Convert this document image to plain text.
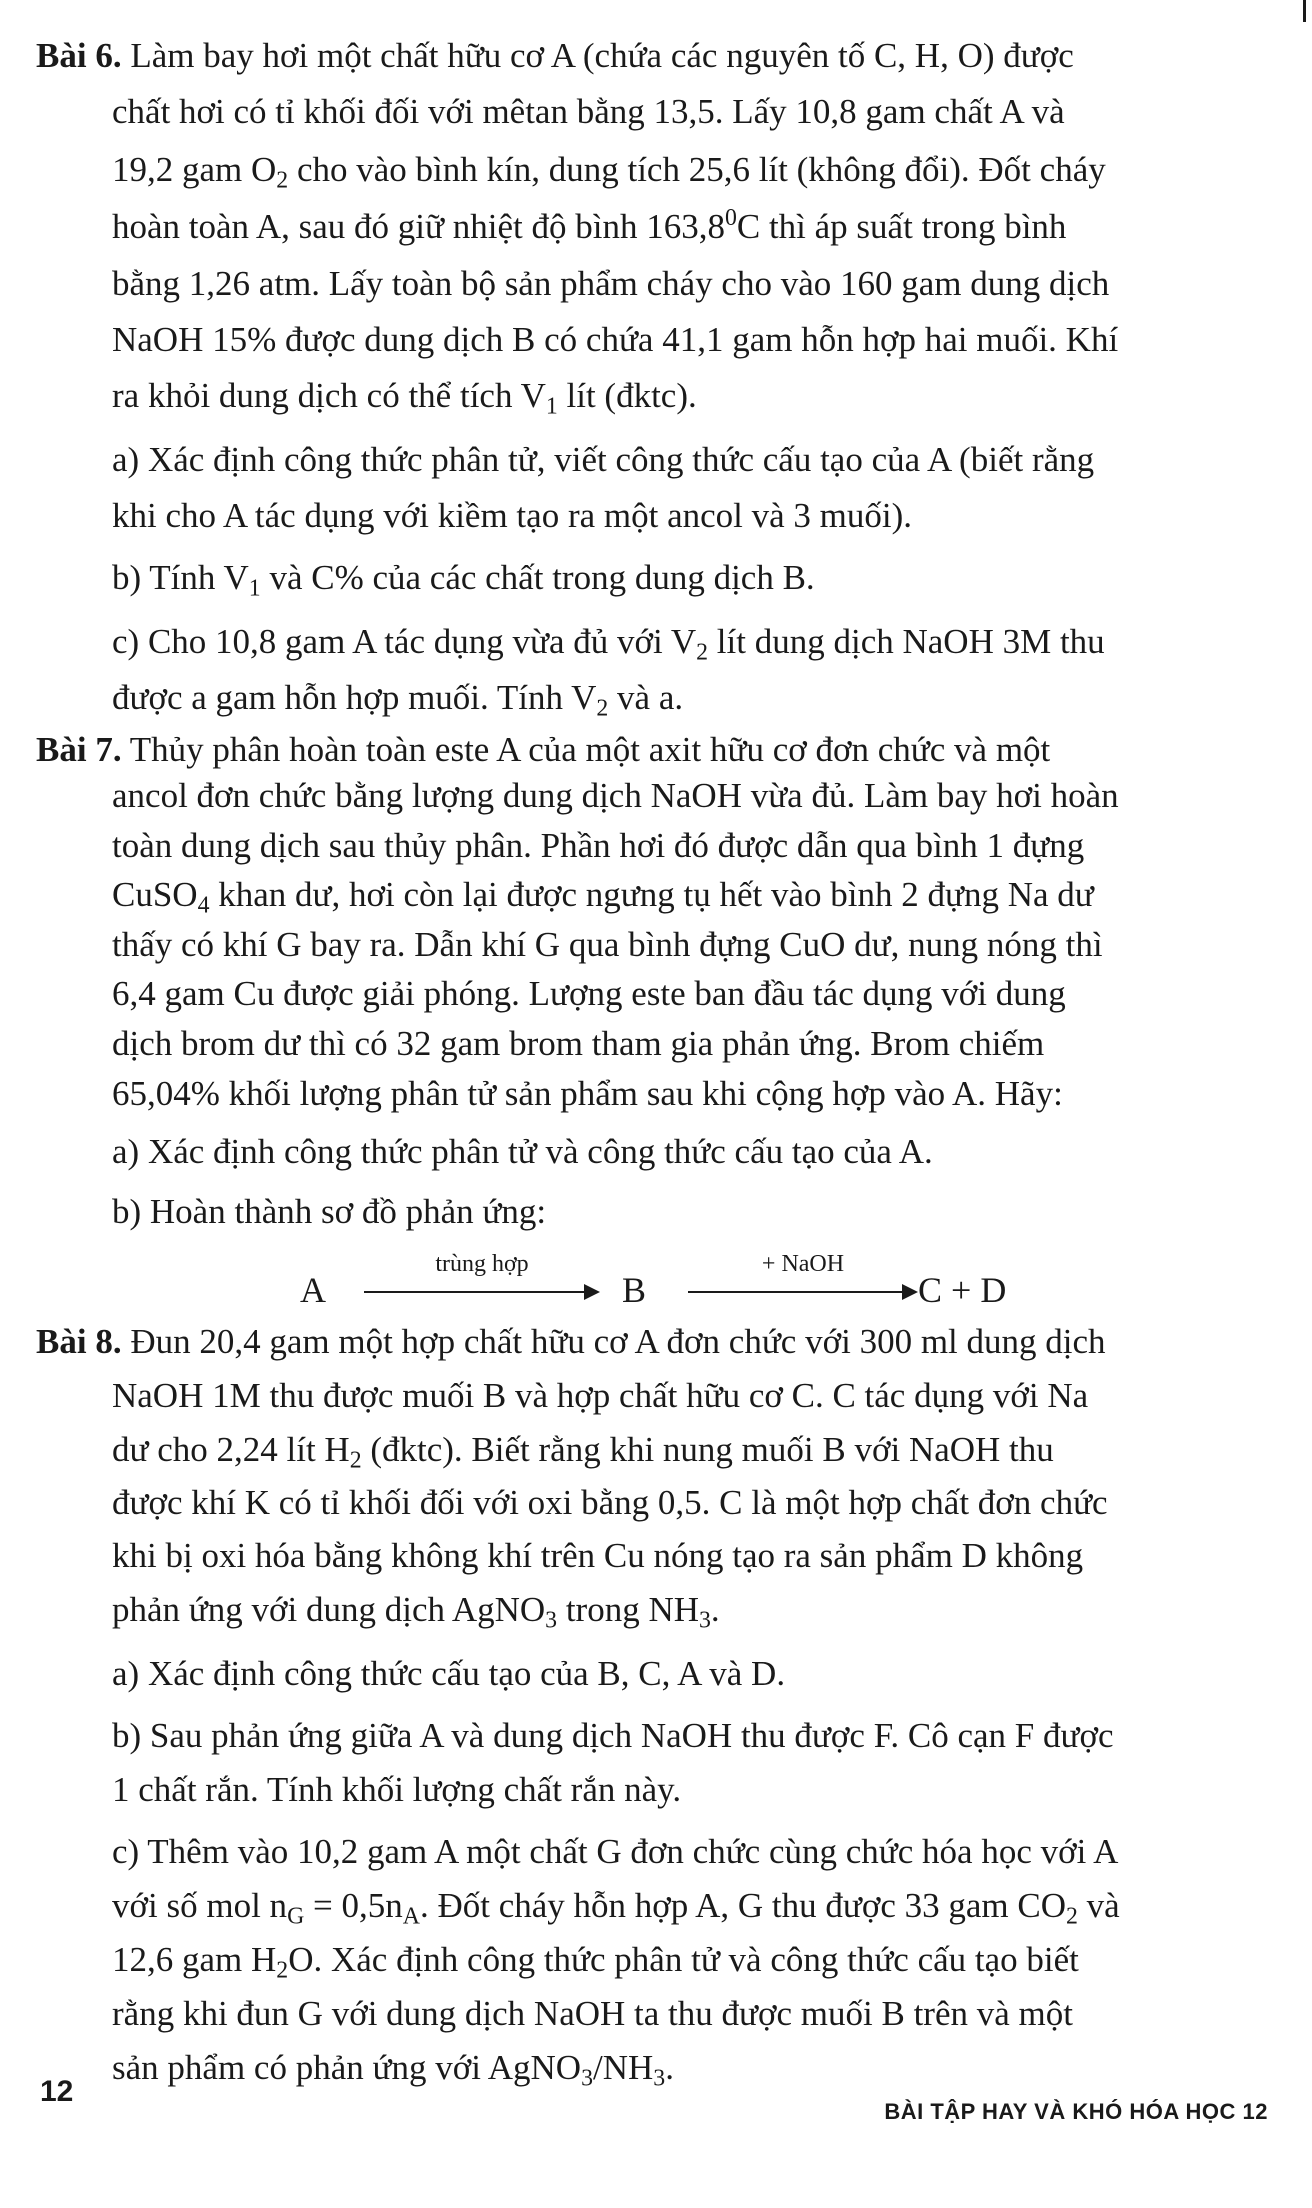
Bài 6. Làm bay hơi một chất hữu cơ A (chứa các nguyên tố C, H, O) được
chất hơi có tỉ khối đối với mêtan bằng 13,5. Lấy 10,8 gam chất A và
19,2 gam $O_2$ cho vào bình kín, dung tích 25,6 lít (không đổi). Đốt cháy
hoàn toàn A, sau đó giữ nhiệt độ bình 163,8$^0$C thì áp suất trong bình
bằng 1,26 atm. Lấy toàn bộ sản phẩm cháy cho vào 160 gam dung dịch
NaOH 15% được dung dịch B có chứa 41,1 gam hỗn hợp hai muối. Khí
ra khỏi dung dịch có thể tích $V_1$ lít (đktc).
a) Xác định công thức phân tử, viết công thức cấu tạo của A (biết rằng
khi cho A tác dụng với kiềm tạo ra một ancol và 3 muối).
b) Tính $V_1$ và C% của các chất trong dung dịch B.
c) Cho 10,8 gam A tác dụng vừa đủ với $V_2$ lít dung dịch NaOH 3M thu
được a gam hỗn hợp muối. Tính $V_2$ và a.
Bài 7. Thủy phân hoàn toàn este A của một axit hữu cơ đơn chức và một
ancol đơn chức bằng lượng dung dịch NaOH vừa đủ. Làm bay hơi hoàn
toàn dung dịch sau thủy phân. Phần hơi đó được dẫn qua bình 1 đựng
CuSO$_4$ khan dư, hơi còn lại được ngưng tụ hết vào bình 2 đựng Na dư
thấy có khí G bay ra. Dẫn khí G qua bình đựng CuO dư, nung nóng thì
6,4 gam Cu được giải phóng. Lượng este ban đầu tác dụng với dung
dịch brom dư thì có 32 gam brom tham gia phản ứng. Brom chiếm
65,04% khối lượng phân tử sản phẩm sau khi cộng hợp vào A. Hãy:
a) Xác định công thức phân tử và công thức cấu tạo của A.
b) Hoàn thành sơ đồ phản ứng:
A
trùng hợp
B
+ NaOH
C + D
Bài 8. Đun 20,4 gam một hợp chất hữu cơ A đơn chức với 300 ml dung dịch
NaOH 1M thu được muối B và hợp chất hữu cơ C. C tác dụng với Na
dư cho 2,24 lít $H_2$ (đktc). Biết rằng khi nung muối B với NaOH thu
được khí K có tỉ khối đối với oxi bằng 0,5. C là một hợp chất đơn chức
khi bị oxi hóa bằng không khí trên Cu nóng tạo ra sản phẩm D không
phản ứng với dung dịch AgNO$_3$ trong $NH_3$.
a) Xác định công thức cấu tạo của B, C, A và D.
b) Sau phản ứng giữa A và dung dịch NaOH thu được F. Cô cạn F được
1 chất rắn. Tính khối lượng chất rắn này.
c) Thêm vào 10,2 gam A một chất G đơn chức cùng chức hóa học với A
với số mol $n_G = 0,5n_A$. Đốt cháy hỗn hợp A, G thu được 33 gam $CO_2$ và
12,6 gam $H_2O$. Xác định công thức phân tử và công thức cấu tạo biết
rằng khi đun G với dung dịch NaOH ta thu được muối B trên và một
sản phẩm có phản ứng với $AgNO_3/NH_3$.
12
BÀI TẬP HAY VÀ KHÓ HÓA HỌC 12
